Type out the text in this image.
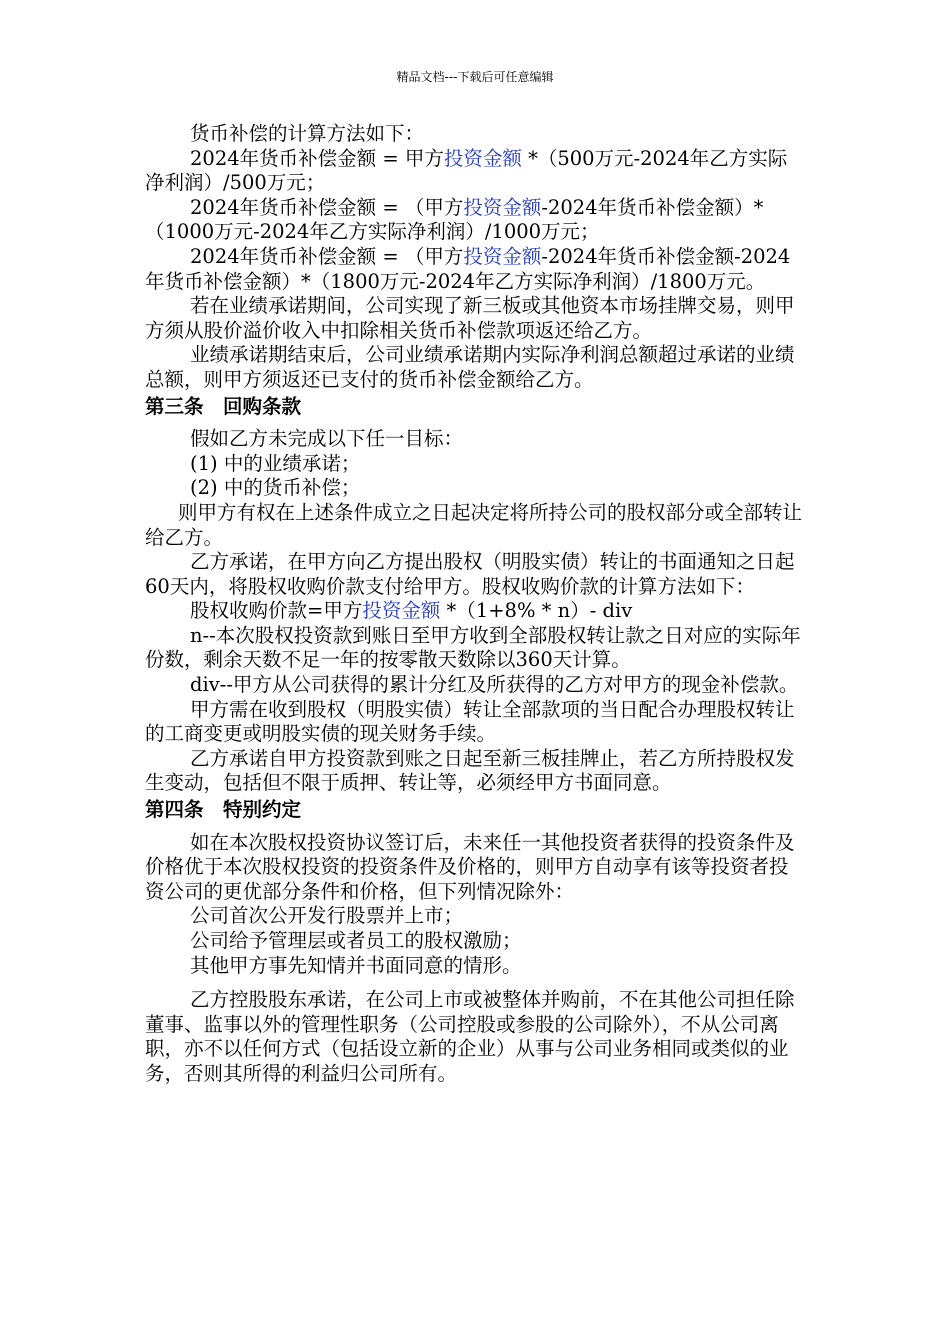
精品文档---下载后可任意编辑

货币补偿的计算方法如下：

2024年货币补偿金额 = 甲方投资金额 *（500万元-2024年乙方实际净利润）/500万元；

2024年货币补偿金额 = （甲方投资金额-2024年货币补偿金额）*（1000万元-2024年乙方实际净利润）/1000万元；

2024年货币补偿金额 = （甲方投资金额-2024年货币补偿金额-2024年货币补偿金额）*（1800万元-2024年乙方实际净利润）/1800万元。

若在业绩承诺期间，公司实现了新三板或其他资本市场挂牌交易，则甲方须从股价溢价收入中扣除相关货币补偿款项返还给乙方。

业绩承诺期结束后，公司业绩承诺期内实际净利润总额超过承诺的业绩总额，则甲方须返还已支付的货币补偿金额给乙方。

第三条　回购条款

假如乙方未完成以下任一目标：

(1) 中的业绩承诺；

(2) 中的货币补偿；

则甲方有权在上述条件成立之日起决定将所持公司的股权部分或全部转让给乙方。

乙方承诺，在甲方向乙方提出股权（明股实债）转让的书面通知之日起60天内，将股权收购价款支付给甲方。股权收购价款的计算方法如下：

股权收购价款=甲方投资金额 *（1+8% * n）- div

n--本次股权投资款到账日至甲方收到全部股权转让款之日对应的实际年份数，剩余天数不足一年的按零散天数除以360天计算。

div--甲方从公司获得的累计分红及所获得的乙方对甲方的现金补偿款。

甲方需在收到股权（明股实债）转让全部款项的当日配合办理股权转让的工商变更或明股实债的现关财务手续。

乙方承诺自甲方投资款到账之日起至新三板挂牌止，若乙方所持股权发生变动，包括但不限于质押、转让等，必须经甲方书面同意。

第四条　特别约定

如在本次股权投资协议签订后，未来任一其他投资者获得的投资条件及价格优于本次股权投资的投资条件及价格的，则甲方自动享有该等投资者投资公司的更优部分条件和价格，但下列情况除外：

公司首次公开发行股票并上市；

公司给予管理层或者员工的股权激励；

其他甲方事先知情并书面同意的情形。

乙方控股股东承诺，在公司上市或被整体并购前，不在其他公司担任除董事、监事以外的管理性职务（公司控股或参股的公司除外），不从公司离职，亦不以任何方式（包括设立新的企业）从事与公司业务相同或类似的业务，否则其所得的利益归公司所有。
